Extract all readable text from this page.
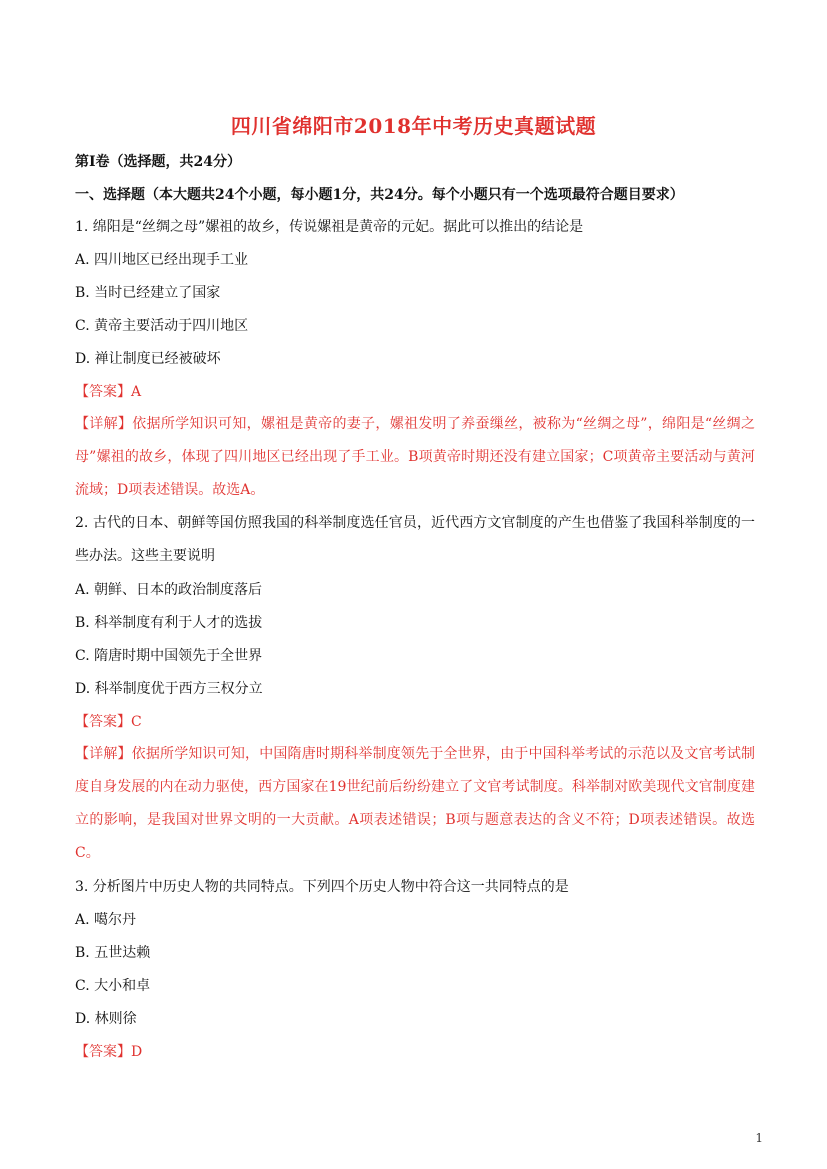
四川省绵阳市2018年中考历史真题试题
第Ⅰ卷（选择题，共24分）
一、选择题（本大题共24个小题，每小题1分，共24分。每个小题只有一个选项最符合题目要求）
1. 绵阳是“丝绸之母”嫘祖的故乡，传说嫘祖是黄帝的元妃。据此可以推出的结论是
A. 四川地区已经出现手工业
B. 当时已经建立了国家
C. 黄帝主要活动于四川地区
D. 禅让制度已经被破坏
【答案】A
【详解】依据所学知识可知，嫘祖是黄帝的妻子，嫘祖发明了养蚕缫丝，被称为“丝绸之母”，绵阳是“丝绸之母”嫘祖的故乡，体现了四川地区已经出现了手工业。B项黄帝时期还没有建立国家；C项黄帝主要活动与黄河流域；D项表述错误。故选A。
2. 古代的日本、朝鲜等国仿照我国的科举制度选任官员，近代西方文官制度的产生也借鉴了我国科举制度的一些办法。这些主要说明
A. 朝鲜、日本的政治制度落后
B. 科举制度有利于人才的选拔
C. 隋唐时期中国领先于全世界
D. 科举制度优于西方三权分立
【答案】C
【详解】依据所学知识可知，中国隋唐时期科举制度领先于全世界，由于中国科举考试的示范以及文官考试制度自身发展的内在动力驱使，西方国家在19世纪前后纷纷建立了文官考试制度。科举制对欧美现代文官制度建立的影响，是我国对世界文明的一大贡献。A项表述错误；B项与题意表达的含义不符；D项表述错误。故选C。
3. 分析图片中历史人物的共同特点。下列四个历史人物中符合这一共同特点的是
A. 噶尔丹
B. 五世达赖
C. 大小和卓
D. 林则徐
【答案】D
1
